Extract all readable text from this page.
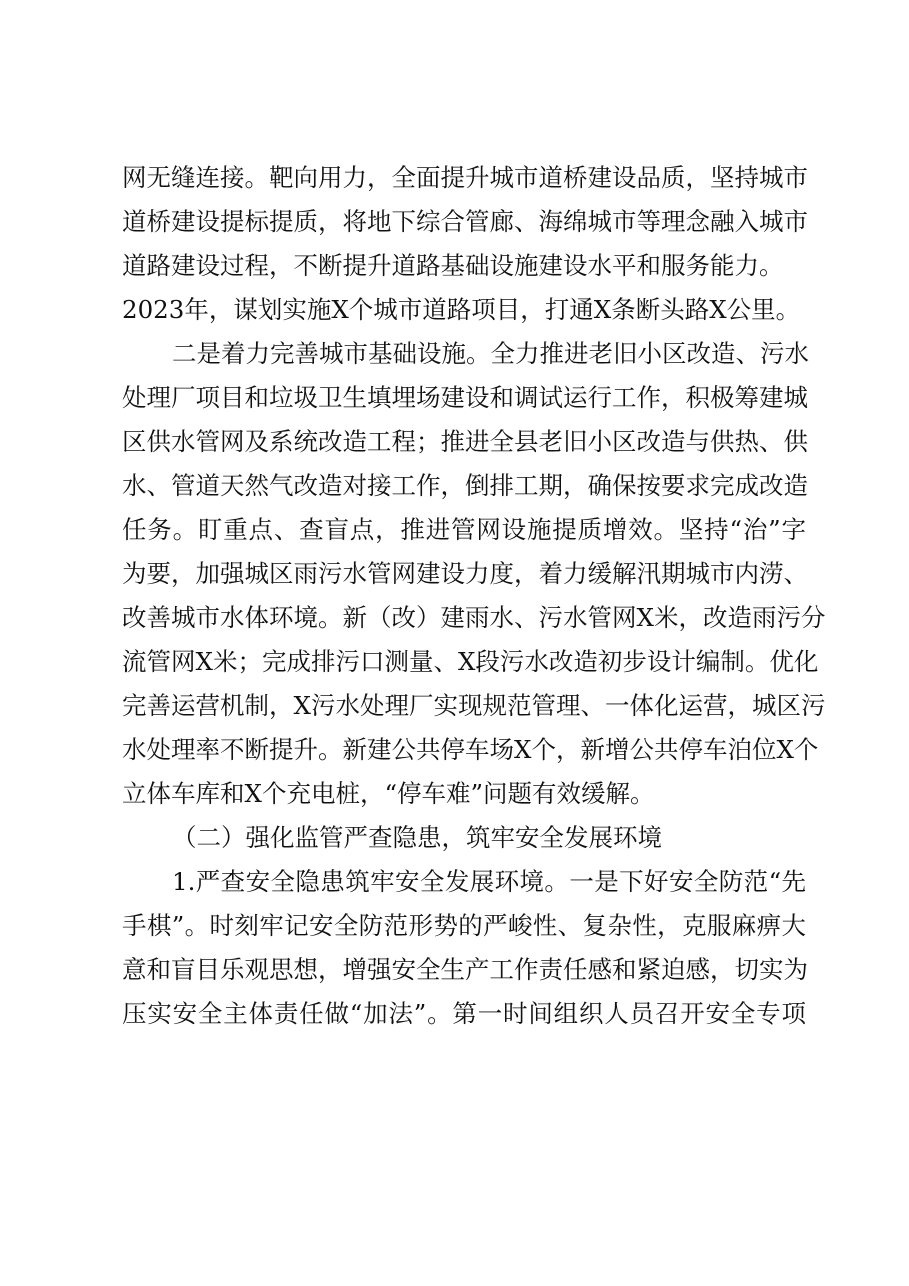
网无缝连接。靶向用力，全面提升城市道桥建设品质，坚持城市
道桥建设提标提质，将地下综合管廊、海绵城市等理念融入城市
道路建设过程，不断提升道路基础设施建设水平和服务能力。
2023年，谋划实施X个城市道路项目，打通X条断头路X公里。
二是着力完善城市基础设施。全力推进老旧小区改造、污水
处理厂项目和垃圾卫生填埋场建设和调试运行工作，积极筹建城
区供水管网及系统改造工程；推进全县老旧小区改造与供热、供
水、管道天然气改造对接工作，倒排工期，确保按要求完成改造
任务。盯重点、查盲点，推进管网设施提质增效。坚持“治”字
为要，加强城区雨污水管网建设力度，着力缓解汛期城市内涝、
改善城市水体环境。新（改）建雨水、污水管网X米，改造雨污分
流管网X米；完成排污口测量、X段污水改造初步设计编制。优化
完善运营机制，X污水处理厂实现规范管理、一体化运营，城区污
水处理率不断提升。新建公共停车场X个，新增公共停车泊位X个
立体车库和X个充电桩，“停车难”问题有效缓解。
（二）强化监管严查隐患，筑牢安全发展环境
1.严查安全隐患筑牢安全发展环境。一是下好安全防范“先
手棋”。时刻牢记安全防范形势的严峻性、复杂性，克服麻痹大
意和盲目乐观思想，增强安全生产工作责任感和紧迫感，切实为
压实安全主体责任做“加法”。第一时间组织人员召开安全专项
